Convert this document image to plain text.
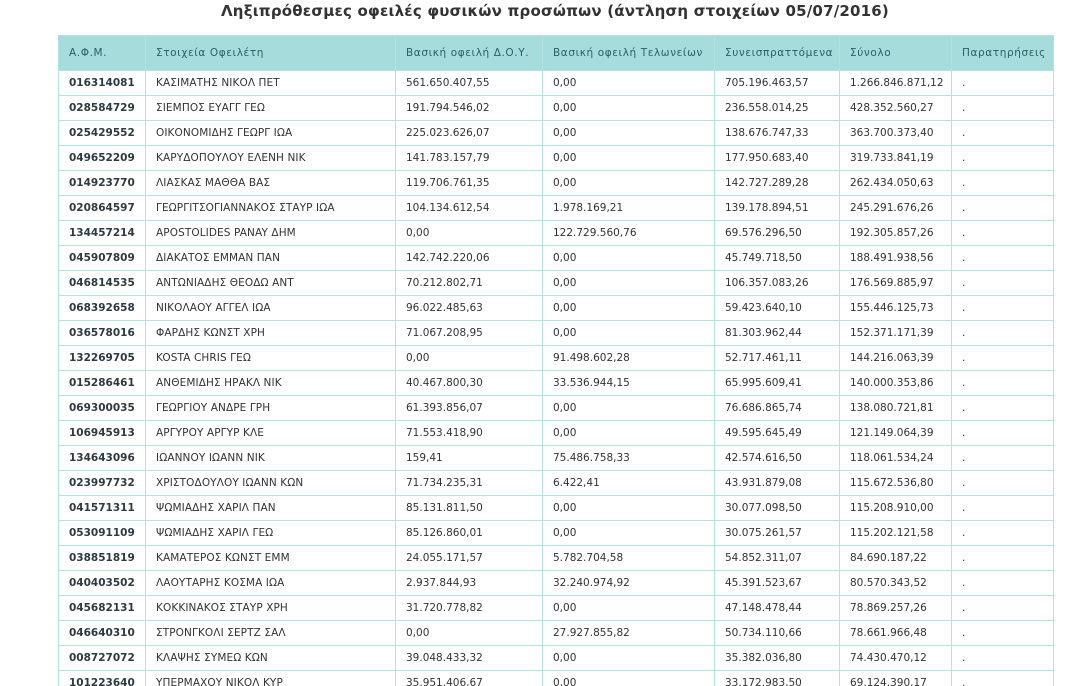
Ληξιπρόθεσμες οφειλές φυσικών προσώπων (άντληση στοιχείων 05/07/2016)
Α.Φ.Μ.	Στοιχεία Οφειλέτη	Βασική οφειλή Δ.Ο.Υ.	Βασική οφειλή Τελωνείων	Συνεισπραττόμενα	Σύνολο	Παρατηρήσεις
016314081	ΚΑΣΙΜΑΤΗΣ ΝΙΚΟΛ ΠΕΤ	561.650.407,55	0,00	705.196.463,57	1.266.846.871,12	.
028584729	ΣΙΕΜΠΟΣ ΕΥΑΓΓ ΓΕΩ	191.794.546,02	0,00	236.558.014,25	428.352.560,27	.
025429552	ΟΙΚΟΝΟΜΙΔΗΣ ΓΕΩΡΓ ΙΩΑ	225.023.626,07	0,00	138.676.747,33	363.700.373,40	.
049652209	ΚΑΡΥΔΟΠΟΥΛΟΥ ΕΛΕΝΗ ΝΙΚ	141.783.157,79	0,00	177.950.683,40	319.733.841,19	.
014923770	ΛΙΑΣΚΑΣ ΜΑΘΘΑ ΒΑΣ	119.706.761,35	0,00	142.727.289,28	262.434.050,63	.
020864597	ΓΕΩΡΓΙΤΣΟΓΙΑΝΝΑΚΟΣ ΣΤΑΥΡ ΙΩΑ	104.134.612,54	1.978.169,21	139.178.894,51	245.291.676,26	.
134457214	APOSTOLIDES PANAY ΔΗΜ	0,00	122.729.560,76	69.576.296,50	192.305.857,26	.
045907809	ΔΙΑΚΑΤΟΣ ΕΜΜΑΝ ΠΑΝ	142.742.220,06	0,00	45.749.718,50	188.491.938,56	.
046814535	ΑΝΤΩΝΙΑΔΗΣ ΘΕΟΔΩ ΑΝΤ	70.212.802,71	0,00	106.357.083,26	176.569.885,97	.
068392658	ΝΙΚΟΛΑΟΥ ΑΓΓΕΛ ΙΩΑ	96.022.485,63	0,00	59.423.640,10	155.446.125,73	.
036578016	ΦΑΡΔΗΣ ΚΩΝΣΤ ΧΡΗ	71.067.208,95	0,00	81.303.962,44	152.371.171,39	.
132269705	KOSTA CHRIS ΓΕΩ	0,00	91.498.602,28	52.717.461,11	144.216.063,39	.
015286461	ΑΝΘΕΜΙΔΗΣ ΗΡΑΚΛ ΝΙΚ	40.467.800,30	33.536.944,15	65.995.609,41	140.000.353,86	.
069300035	ΓΕΩΡΓΙΟΥ ΑΝΔΡΕ ΓΡΗ	61.393.856,07	0,00	76.686.865,74	138.080.721,81	.
106945913	ΑΡΓΥΡΟΥ ΑΡΓΥΡ ΚΛΕ	71.553.418,90	0,00	49.595.645,49	121.149.064,39	.
134643096	ΙΩΑΝΝΟΥ ΙΩΑΝΝ ΝΙΚ	159,41	75.486.758,33	42.574.616,50	118.061.534,24	.
023997732	ΧΡΙΣΤΟΔΟΥΛΟΥ ΙΩΑΝΝ ΚΩΝ	71.734.235,31	6.422,41	43.931.879,08	115.672.536,80	.
041571311	ΨΩΜΙΑΔΗΣ ΧΑΡΙΛ ΠΑΝ	85.131.811,50	0,00	30.077.098,50	115.208.910,00	.
053091109	ΨΩΜΙΑΔΗΣ ΧΑΡΙΛ ΓΕΩ	85.126.860,01	0,00	30.075.261,57	115.202.121,58	.
038851819	ΚΑΜΑΤΕΡΟΣ ΚΩΝΣΤ ΕΜΜ	24.055.171,57	5.782.704,58	54.852.311,07	84.690.187,22	.
040403502	ΛΑΟΥΤΑΡΗΣ ΚΟΣΜΑ ΙΩΑ	2.937.844,93	32.240.974,92	45.391.523,67	80.570.343,52	.
045682131	ΚΟΚΚΙΝΑΚΟΣ ΣΤΑΥΡ ΧΡΗ	31.720.778,82	0,00	47.148.478,44	78.869.257,26	.
046640310	ΣΤΡΟΝΓΚΟΛΙ ΣΕΡΤΖ ΣΑΛ	0,00	27.927.855,82	50.734.110,66	78.661.966,48	.
008727072	ΚΛΑΨΗΣ ΣΥΜΕΩ ΚΩΝ	39.048.433,32	0,00	35.382.036,80	74.430.470,12	.
101223640	ΥΠΕΡΜΑΧΟΥ ΝΙΚΟΛ ΚΥΡ	35.951.406,67	0,00	33.172.983,50	69.124.390,17	.
